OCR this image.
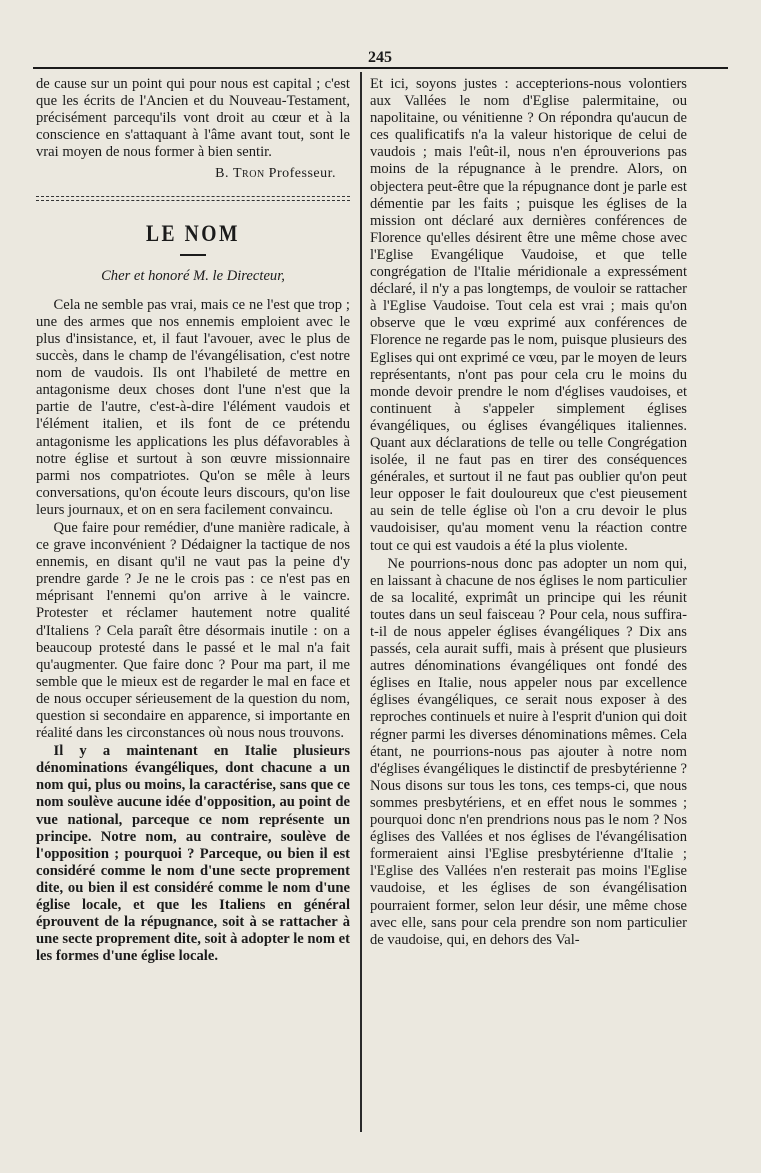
245

de cause sur un point qui pour nous est capital ; c'est que les écrits de l'Ancien et du Nouveau-Testament, précisément parcequ'ils vont droit au cœur et à la conscience en s'attaquant à l'âme avant tout, sont le vrai moyen de nous former à bien sentir.

B. Tron Professeur.
LE NOM
Cher et honoré M. le Directeur,

Cela ne semble pas vrai, mais ce ne l'est que trop ; une des armes que nos ennemis emploient avec le plus d'insistance, et, il faut l'avouer, avec le plus de succès, dans le champ de l'évangélisation, c'est notre nom de vaudois. Ils ont l'habileté de mettre en antagonisme deux choses dont l'une n'est que la partie de l'autre, c'est-à-dire l'élément vaudois et l'élément italien, et ils font de ce prétendu antagonisme les applications les plus défavorables à notre église et surtout à son œuvre missionnaire parmi nos compatriotes. Qu'on se mêle à leurs conversations, qu'on écoute leurs discours, qu'on lise leurs journaux, et on en sera facilement convaincu.

Que faire pour remédier, d'une manière radicale, à ce grave inconvénient ? Dédaigner la tactique de nos ennemis, en disant qu'il ne vaut pas la peine d'y prendre garde ? Je ne le crois pas : ce n'est pas en méprisant l'ennemi qu'on arrive à le vaincre. Protester et réclamer hautement notre qualité d'Italiens ? Cela paraît être désormais inutile : on a beaucoup protesté dans le passé et le mal n'a fait qu'augmenter. Que faire donc ? Pour ma part, il me semble que le mieux est de regarder le mal en face et de nous occuper sérieusement de la question du nom, question si secondaire en apparence, si importante en réalité dans les circonstances où nous nous trouvons.

Il y a maintenant en Italie plusieurs dénominations évangéliques, dont chacune a un nom qui, plus ou moins, la caractérise, sans que ce nom soulève aucune idée d'opposition, au point de vue national, parceque ce nom représente un principe. Notre nom, au contraire, soulève de l'opposition ; pourquoi ? Parceque, ou bien il est considéré comme le nom d'une secte proprement dite, ou bien il est considéré comme le nom d'une église locale, et que les Italiens en général éprouvent de la répugnance, soit à se rattacher à une secte proprement dite, soit à adopter le nom et les formes d'une église locale.

Et ici, soyons justes : accepterions-nous volontiers aux Vallées le nom d'Eglise palermitaine, ou napolitaine, ou vénitienne ? On répondra qu'aucun de ces qualificatifs n'a la valeur historique de celui de vaudois ; mais l'eût-il, nous n'en éprouverions pas moins de la répugnance à le prendre. Alors, on objectera peut-être que la répugnance dont je parle est démentie par les faits ; puisque les églises de la mission ont déclaré aux dernières conférences de Florence qu'elles désirent être une même chose avec l'Eglise Evangélique Vaudoise, et que telle congrégation de l'Italie méridionale a expressément déclaré, il n'y a pas longtemps, de vouloir se rattacher à l'Eglise Vaudoise. Tout cela est vrai ; mais qu'on observe que le vœu exprimé aux conférences de Florence ne regarde pas le nom, puisque plusieurs des Eglises qui ont exprimé ce vœu, par le moyen de leurs représentants, n'ont pas pour cela cru le moins du monde devoir prendre le nom d'églises vaudoises, et continuent à s'appeler simplement églises évangéliques, ou églises évangéliques italiennes. Quant aux déclarations de telle ou telle Congrégation isolée, il ne faut pas en tirer des conséquences générales, et surtout il ne faut pas oublier qu'on peut leur opposer le fait douloureux que c'est pieusement au sein de telle église où l'on a cru devoir le plus vaudoisiser, qu'au moment venu la réaction contre tout ce qui est vaudois a été la plus violente.

Ne pourrions-nous donc pas adopter un nom qui, en laissant à chacune de nos églises le nom particulier de sa localité, exprimât un principe qui les réunit toutes dans un seul faisceau ? Pour cela, nous suffira-t-il de nous appeler églises évangéliques ? Dix ans passés, cela aurait suffi, mais à présent que plusieurs autres dénominations évangéliques ont fondé des églises en Italie, nous appeler nous par excellence églises évangéliques, ce serait nous exposer à des reproches continuels et nuire à l'esprit d'union qui doit régner parmi les diverses dénominations mêmes. Cela étant, ne pourrions-nous pas ajouter à notre nom d'églises évangéliques le distinctif de presbytérienne ? Nous disons sur tous les tons, ces temps-ci, que nous sommes presbytériens, et en effet nous le sommes ; pourquoi donc n'en prendrions nous pas le nom ? Nos églises des Vallées et nos églises de l'évangélisation formeraient ainsi l'Eglise presbytérienne d'Italie ; l'Eglise des Vallées n'en resterait pas moins l'Eglise vaudoise, et les églises de son évangélisation pourraient former, selon leur désir, une même chose avec elle, sans pour cela prendre son nom particulier de vaudoise, qui, en dehors des Val-
